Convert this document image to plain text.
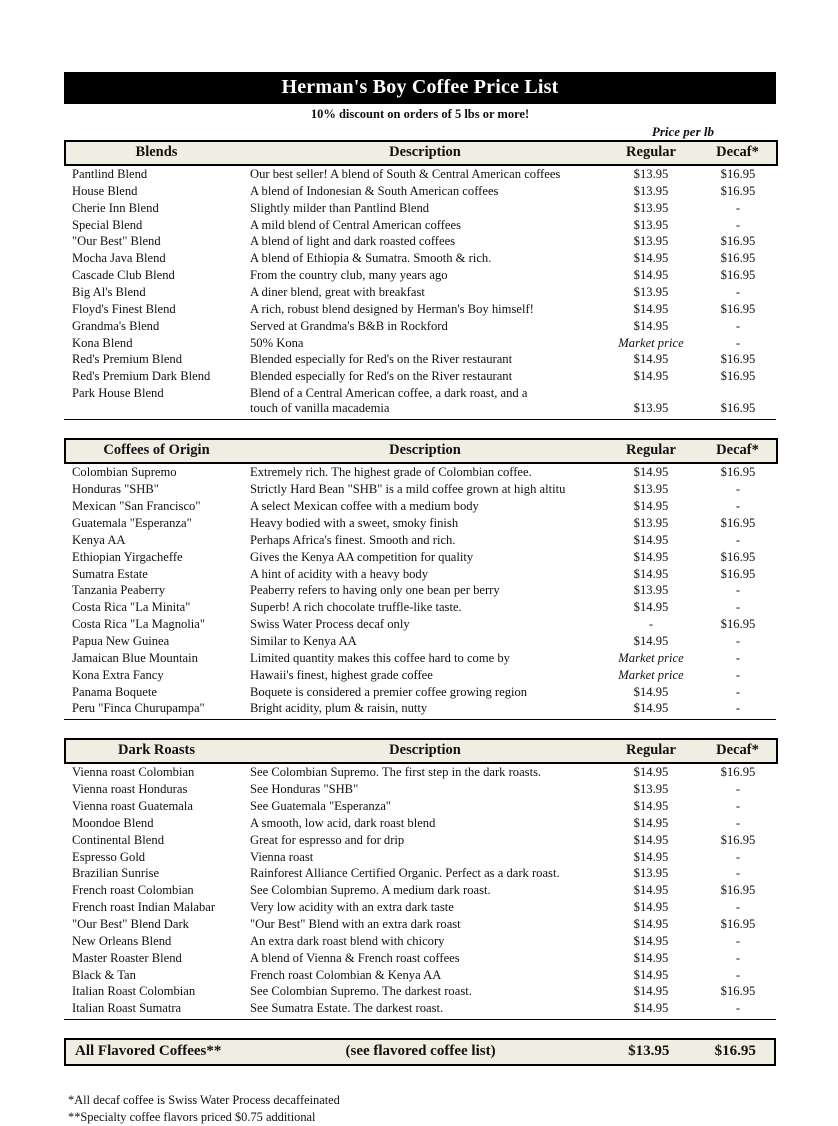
Herman's Boy Coffee Price List
10% discount on orders of 5 lbs or more!
Price per lb
Blends	Description	Regular	Decaf*
Pantlind Blend	Our best seller! A blend of South & Central American coffees	$13.95	$16.95
House Blend	A blend of Indonesian & South American coffees	$13.95	$16.95
Cherie Inn Blend	Slightly milder than Pantlind Blend	$13.95	-
Special Blend	A mild blend of Central American coffees	$13.95	-
"Our Best" Blend	A blend of light and dark roasted coffees	$13.95	$16.95
Mocha Java Blend	A blend of Ethiopia & Sumatra. Smooth & rich.	$14.95	$16.95
Cascade Club Blend	From the country club, many years ago	$14.95	$16.95
Big Al's Blend	A diner blend, great with breakfast	$13.95	-
Floyd's Finest Blend	A rich, robust blend designed by Herman's Boy himself!	$14.95	$16.95
Grandma's Blend	Served at Grandma's B&B in Rockford	$14.95	-
Kona Blend	50% Kona	Market price	-
Red's Premium Blend	Blended especially for Red's on the River restaurant	$14.95	$16.95
Red's Premium Dark Blend	Blended especially for Red's on the River restaurant	$14.95	$16.95
Park House Blend	Blend of a Central American coffee, a dark roast, and a
touch of vanilla macademia	$13.95	$16.95
Coffees of Origin	Description	Regular	Decaf*
Colombian Supremo	Extremely rich. The highest grade of Colombian coffee.	$14.95	$16.95
Honduras "SHB"	Strictly Hard Bean "SHB" is a mild coffee grown at high altitu	$13.95	-
Mexican "San Francisco"	A select Mexican coffee with a medium body	$14.95	-
Guatemala "Esperanza"	Heavy bodied with a sweet, smoky finish	$13.95	$16.95
Kenya AA	Perhaps Africa's finest. Smooth and rich.	$14.95	-
Ethiopian Yirgacheffe	Gives the Kenya AA competition for quality	$14.95	$16.95
Sumatra Estate	A hint of acidity with a heavy body	$14.95	$16.95
Tanzania Peaberry	Peaberry refers to having only one bean per berry	$13.95	-
Costa Rica "La Minita"	Superb! A rich chocolate truffle-like taste.	$14.95	-
Costa Rica "La Magnolia"	Swiss Water Process decaf only	-	$16.95
Papua New Guinea	Similar to Kenya AA	$14.95	-
Jamaican Blue Mountain	Limited quantity makes this coffee hard to come by	Market price	-
Kona Extra Fancy	Hawaii's finest, highest grade coffee	Market price	-
Panama Boquete	Boquete is considered a premier coffee growing region	$14.95	-
Peru "Finca Churupampa"	Bright acidity, plum & raisin, nutty	$14.95	-
Dark Roasts	Description	Regular	Decaf*
Vienna roast Colombian	See Colombian Supremo. The first step in the dark roasts.	$14.95	$16.95
Vienna roast Honduras	See Honduras "SHB"	$13.95	-
Vienna roast Guatemala	See Guatemala "Esperanza"	$14.95	-
Moondoe Blend	A smooth, low acid, dark roast blend	$14.95	-
Continental Blend	Great for espresso and for drip	$14.95	$16.95
Espresso Gold	Vienna roast	$14.95	-
Brazilian Sunrise	Rainforest Alliance Certified Organic. Perfect as a dark roast.	$13.95	-
French roast Colombian	See Colombian Supremo. A medium dark roast.	$14.95	$16.95
French roast Indian Malabar	Very low acidity with an extra dark taste	$14.95	-
"Our Best" Blend Dark	"Our Best" Blend with an extra dark roast	$14.95	$16.95
New Orleans Blend	An extra dark roast blend with chicory	$14.95	-
Master Roaster Blend	A blend of Vienna & French roast coffees	$14.95	-
Black & Tan	French roast Colombian & Kenya AA	$14.95	-
Italian Roast Colombian	See Colombian Supremo. The darkest roast.	$14.95	$16.95
Italian Roast Sumatra	See Sumatra Estate. The darkest roast.	$14.95	-
All Flavored Coffees**	(see flavored coffee list)	$13.95	$16.95
*All decaf coffee is Swiss Water Process decaffeinated
**Specialty coffee flavors priced $0.75 additional
